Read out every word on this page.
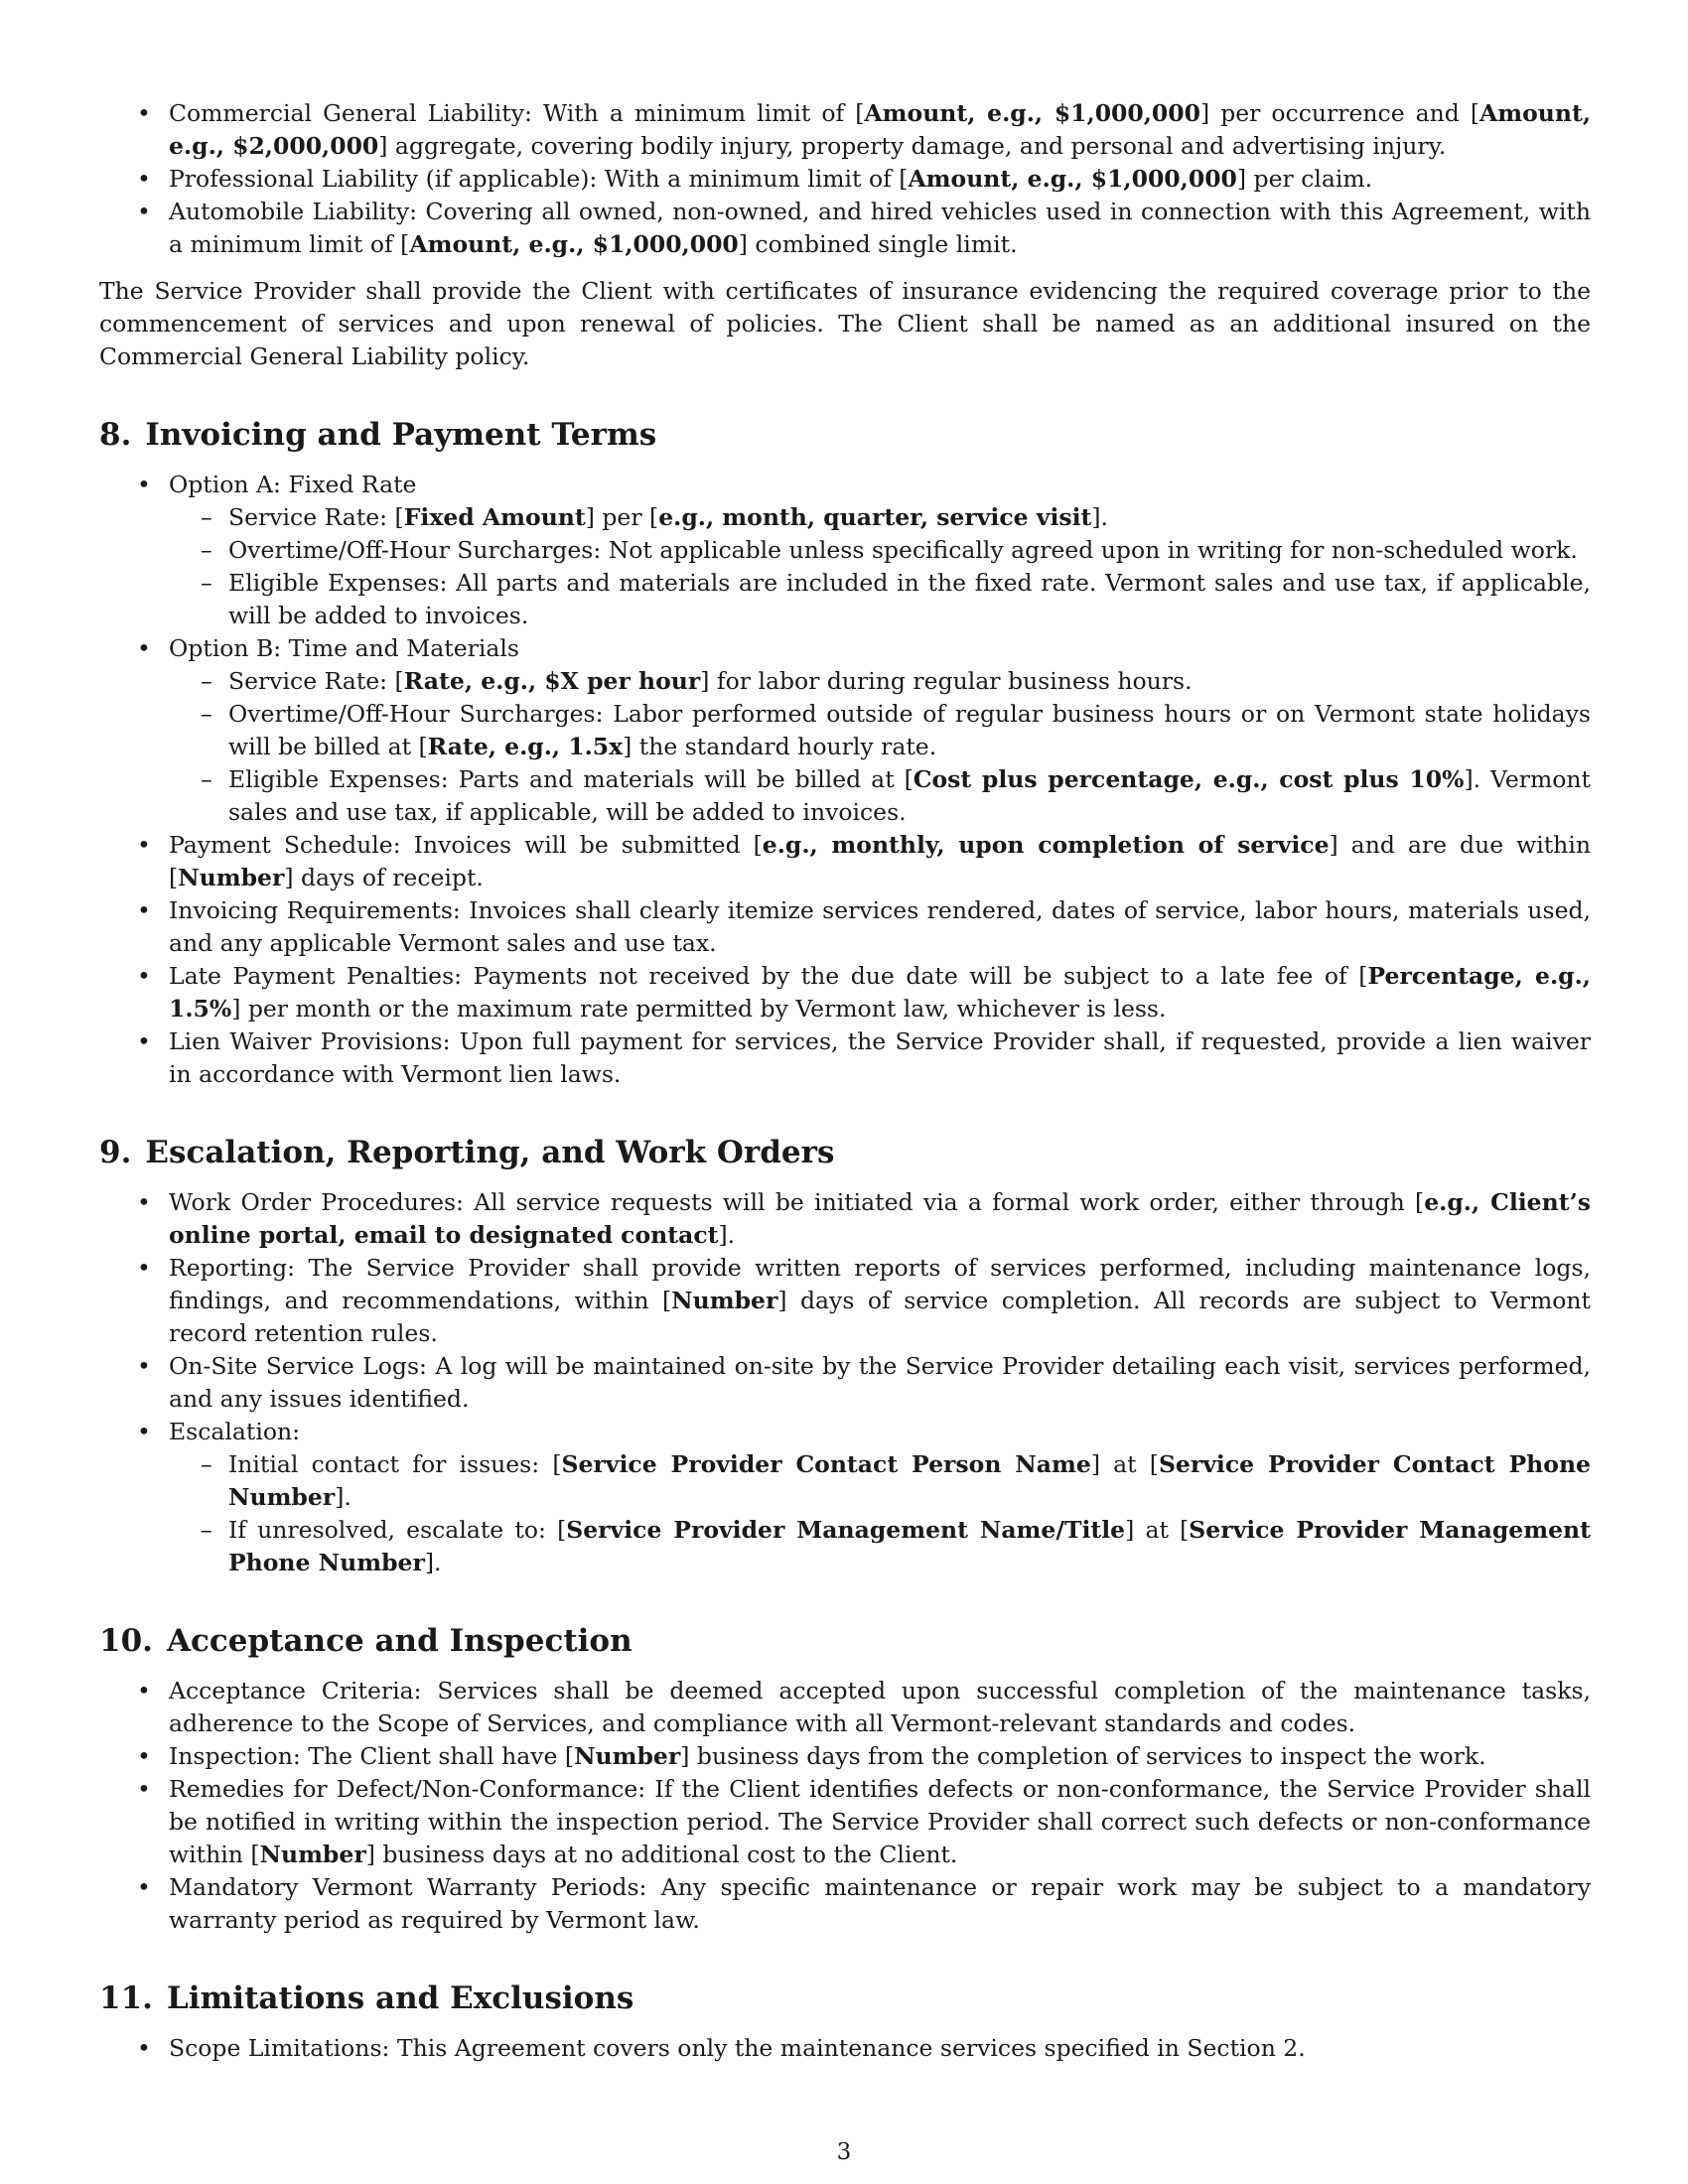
• Commercial General Liability: With a minimum limit of [Amount, e.g., $1,000,000] per occurrence and [Amount, e.g., $2,000,000] aggregate, covering bodily injury, property damage, and personal and advertising injury.
• Professional Liability (if applicable): With a minimum limit of [Amount, e.g., $1,000,000] per claim.
• Automobile Liability: Covering all owned, non-owned, and hired vehicles used in connection with this Agreement, with a minimum limit of [Amount, e.g., $1,000,000] combined single limit.

The Service Provider shall provide the Client with certificates of insurance evidencing the required coverage prior to the commencement of services and upon renewal of policies. The Client shall be named as an additional insured on the Commercial General Liability policy.

8. Invoicing and Payment Terms
• Option A: Fixed Rate
– Service Rate: [Fixed Amount] per [e.g., month, quarter, service visit].
– Overtime/Off-Hour Surcharges: Not applicable unless specifically agreed upon in writing for non-scheduled work.
– Eligible Expenses: All parts and materials are included in the fixed rate. Vermont sales and use tax, if applicable, will be added to invoices.
• Option B: Time and Materials
– Service Rate: [Rate, e.g., $X per hour] for labor during regular business hours.
– Overtime/Off-Hour Surcharges: Labor performed outside of regular business hours or on Vermont state holidays will be billed at [Rate, e.g., 1.5x] the standard hourly rate.
– Eligible Expenses: Parts and materials will be billed at [Cost plus percentage, e.g., cost plus 10%]. Vermont sales and use tax, if applicable, will be added to invoices.
• Payment Schedule: Invoices will be submitted [e.g., monthly, upon completion of service] and are due within [Number] days of receipt.
• Invoicing Requirements: Invoices shall clearly itemize services rendered, dates of service, labor hours, materials used, and any applicable Vermont sales and use tax.
• Late Payment Penalties: Payments not received by the due date will be subject to a late fee of [Percentage, e.g., 1.5%] per month or the maximum rate permitted by Vermont law, whichever is less.
• Lien Waiver Provisions: Upon full payment for services, the Service Provider shall, if requested, provide a lien waiver in accordance with Vermont lien laws.
9. Escalation, Reporting, and Work Orders
• Work Order Procedures: All service requests will be initiated via a formal work order, either through [e.g., Client’s online portal, email to designated contact].
• Reporting: The Service Provider shall provide written reports of services performed, including maintenance logs, findings, and recommendations, within [Number] days of service completion. All records are subject to Vermont record retention rules.
• On-Site Service Logs: A log will be maintained on-site by the Service Provider detailing each visit, services performed, and any issues identified.
• Escalation:
– Initial contact for issues: [Service Provider Contact Person Name] at [Service Provider Contact Phone Number].
– If unresolved, escalate to: [Service Provider Management Name/Title] at [Service Provider Management Phone Number].
10. Acceptance and Inspection
• Acceptance Criteria: Services shall be deemed accepted upon successful completion of the maintenance tasks, adherence to the Scope of Services, and compliance with all Vermont-relevant standards and codes.
• Inspection: The Client shall have [Number] business days from the completion of services to inspect the work.
• Remedies for Defect/Non-Conformance: If the Client identifies defects or non-conformance, the Service Provider shall be notified in writing within the inspection period. The Service Provider shall correct such defects or non-conformance within [Number] business days at no additional cost to the Client.
• Mandatory Vermont Warranty Periods: Any specific maintenance or repair work may be subject to a mandatory warranty period as required by Vermont law.
11. Limitations and Exclusions
• Scope Limitations: This Agreement covers only the maintenance services specified in Section 2.
3
